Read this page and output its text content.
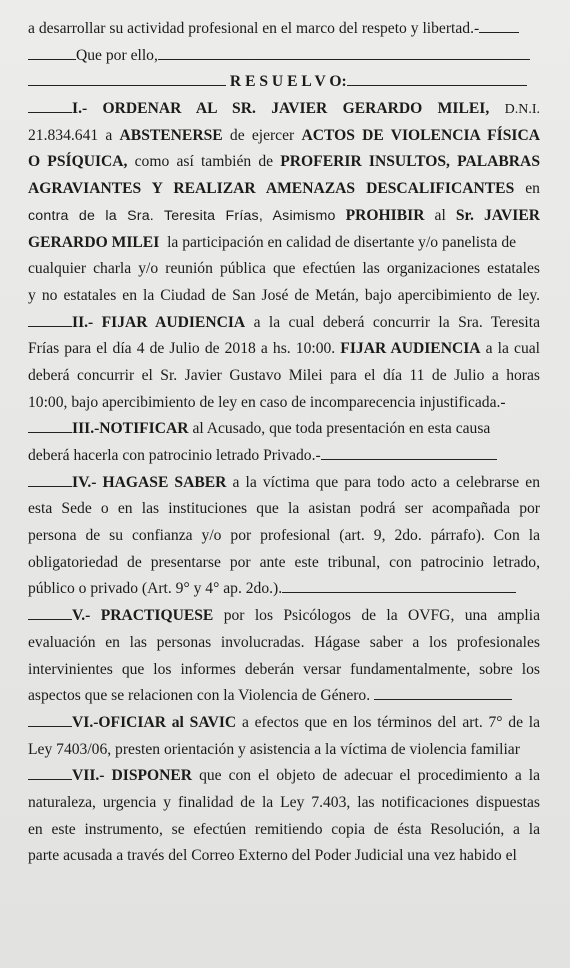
a desarrollar su actividad profesional en el marco del respeto y libertad.-
Que por ello,
R E S U E L V O:
I.- ORDENAR AL SR. JAVIER GERARDO MILEI, D.N.I.
21.834.641 a ABSTENERSE de ejercer ACTOS DE VIOLENCIA FÍSICA
O PSÍQUICA, como así también de PROFERIR INSULTOS, PALABRAS
AGRAVIANTES Y REALIZAR AMENAZAS DESCALIFICANTES en
contra de la Sra. Teresita Frías, Asimismo PROHIBIR al Sr. JAVIER
GERARDO MILEI la participación en calidad de disertante y/o panelista de
cualquier charla y/o reunión pública que efectúen las organizaciones estatales
y no estatales en la Ciudad de San José de Metán, bajo apercibimiento de ley.
II.- FIJAR AUDIENCIA a la cual deberá concurrir la Sra. Teresita
Frías para el día 4 de Julio de 2018 a hs. 10:00. FIJAR AUDIENCIA a la cual
deberá concurrir el Sr. Javier Gustavo Milei para el día 11 de Julio a horas
10:00, bajo apercibimiento de ley en caso de incomparecencia injustificada.-
III.-NOTIFICAR al Acusado, que toda presentación en esta causa
deberá hacerla con patrocinio letrado Privado.-
IV.- HAGASE SABER a la víctima que para todo acto a celebrarse en
esta Sede o en las instituciones que la asistan podrá ser acompañada por
persona de su confianza y/o por profesional (art. 9, 2do. párrafo). Con la
obligatoriedad de presentarse por ante este tribunal, con patrocinio letrado,
público o privado (Art. 9° y 4° ap. 2do.).
V.- PRACTIQUESE por los Psicólogos de la OVFG, una amplia
evaluación en las personas involucradas. Hágase saber a los profesionales
intervinientes que los informes deberán versar fundamentalmente, sobre los
aspectos que se relacionen con la Violencia de Género.
VI.-OFICIAR al SAVIC a efectos que en los términos del art. 7° de la
Ley 7403/06, presten orientación y asistencia a la víctima de violencia familiar
VII.- DISPONER que con el objeto de adecuar el procedimiento a la
naturaleza, urgencia y finalidad de la Ley 7.403, las notificaciones dispuestas
en este instrumento, se efectúen remitiendo copia de ésta Resolución, a la
parte acusada a través del Correo Externo del Poder Judicial una vez habido el
